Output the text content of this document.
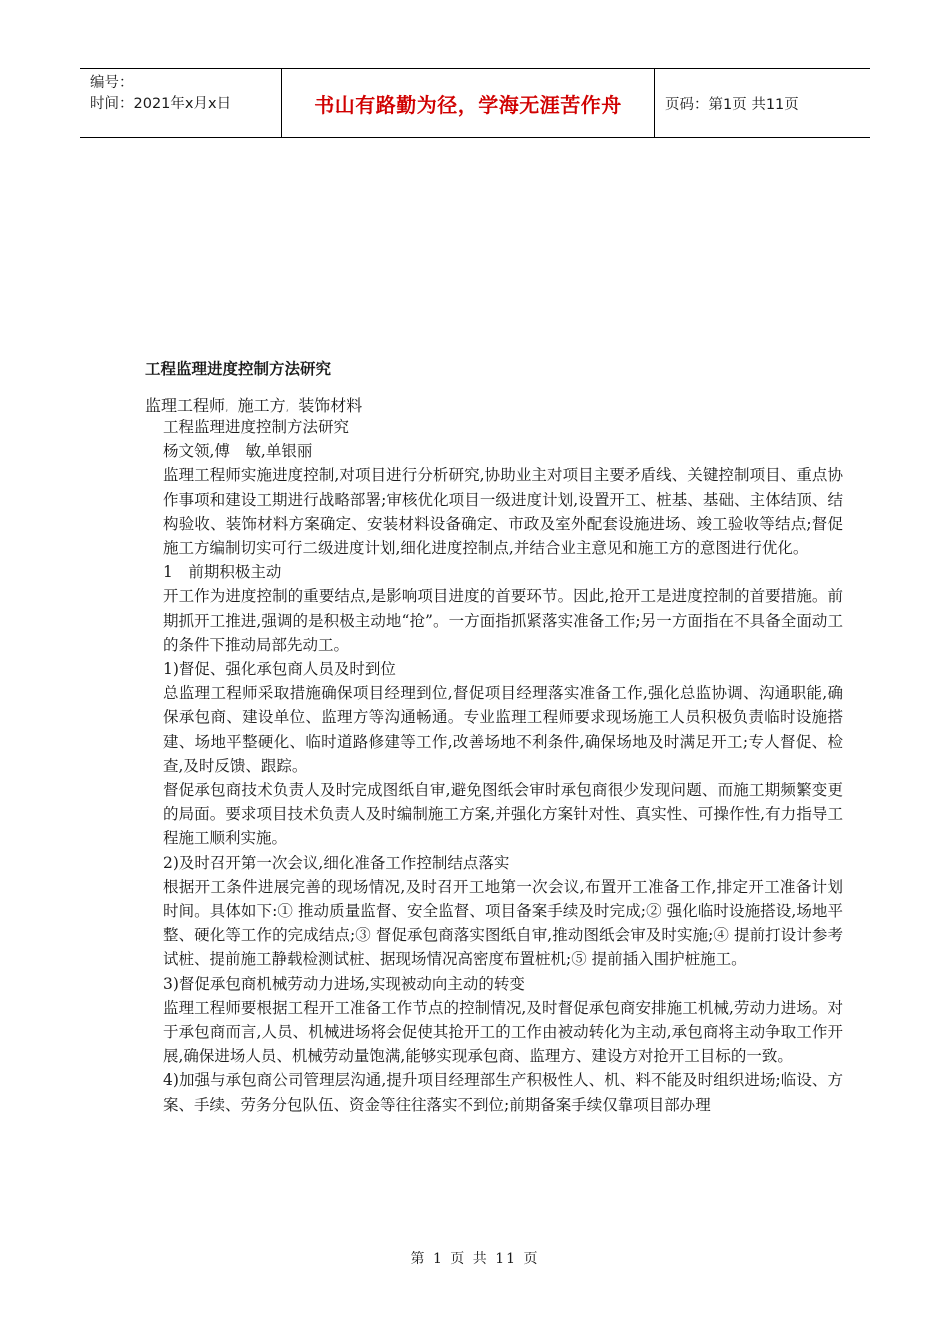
编号：
时间：2021年x月x日	书山有路勤为径，学海无涯苦作舟	页码：第1页 共11页
工程监理进度控制方法研究
监理工程师, 施工方, 装饰材料

工程监理进度控制方法研究

杨文领,傅　敏,单银丽

监理工程师实施进度控制,对项目进行分析研究,协助业主对项目主要矛盾线、关键控制项目、重点协作事项和建设工期进行战略部署;审核优化项目一级进度计划,设置开工、桩基、基础、主体结顶、结构验收、装饰材料方案确定、安装材料设备确定、市政及室外配套设施进场、竣工验收等结点;督促施工方编制切实可行二级进度计划,细化进度控制点,并结合业主意见和施工方的意图进行优化。

1　前期积极主动

开工作为进度控制的重要结点,是影响项目进度的首要环节。因此,抢开工是进度控制的首要措施。前期抓开工推进,强调的是积极主动地“抢”。一方面指抓紧落实准备工作;另一方面指在不具备全面动工的条件下推动局部先动工。

1)督促、强化承包商人员及时到位

总监理工程师采取措施确保项目经理到位,督促项目经理落实准备工作,强化总监协调、沟通职能,确保承包商、建设单位、监理方等沟通畅通。专业监理工程师要求现场施工人员积极负责临时设施搭建、场地平整硬化、临时道路修建等工作,改善场地不利条件,确保场地及时满足开工;专人督促、检查,及时反馈、跟踪。

督促承包商技术负责人及时完成图纸自审,避免图纸会审时承包商很少发现问题、而施工期频繁变更的局面。要求项目技术负责人及时编制施工方案,并强化方案针对性、真实性、可操作性,有力指导工程施工顺利实施。

2)及时召开第一次会议,细化准备工作控制结点落实

根据开工条件进展完善的现场情况,及时召开工地第一次会议,布置开工准备工作,排定开工准备计划时间。具体如下:① 推动质量监督、安全监督、项目备案手续及时完成;② 强化临时设施搭设,场地平整、硬化等工作的完成结点;③ 督促承包商落实图纸自审,推动图纸会审及时实施;④ 提前打设计参考试桩、提前施工静载检测试桩、据现场情况高密度布置桩机;⑤ 提前插入围护桩施工。

3)督促承包商机械劳动力进场,实现被动向主动的转变

监理工程师要根据工程开工准备工作节点的控制情况,及时督促承包商安排施工机械,劳动力进场。对于承包商而言,人员、机械进场将会促使其抢开工的工作由被动转化为主动,承包商将主动争取工作开展,确保进场人员、机械劳动量饱满,能够实现承包商、监理方、建设方对抢开工目标的一致。

4)加强与承包商公司管理层沟通,提升项目经理部生产积极性人、机、料不能及时组织进场;临设、方案、手续、劳务分包队伍、资金等往往落实不到位;前期备案手续仅靠项目部办理

第 1 页 共 11 页
